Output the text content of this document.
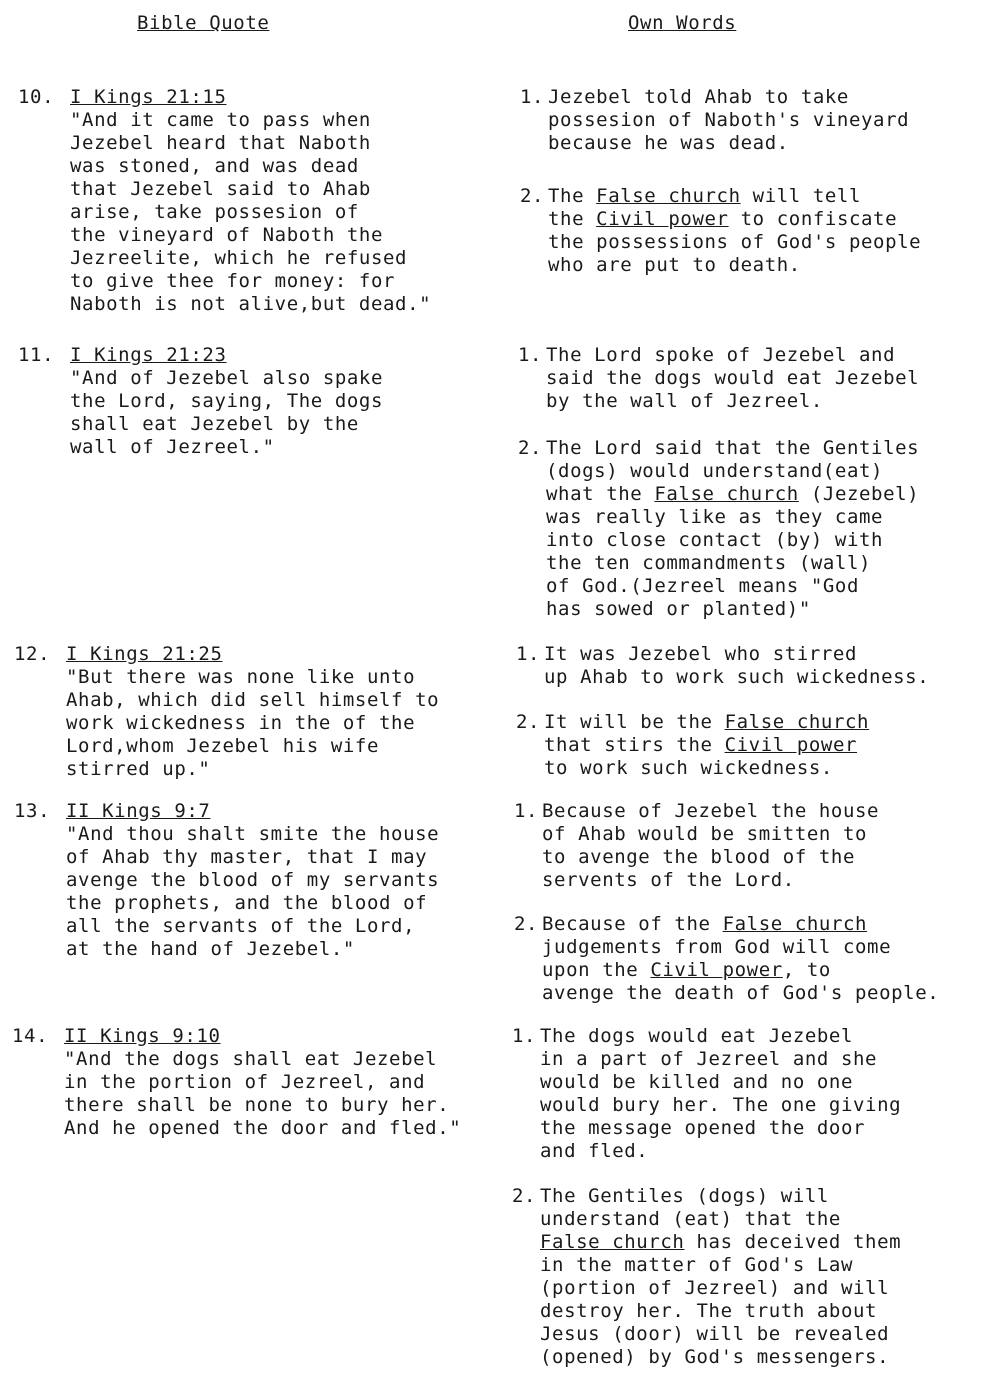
Bible Quote	Own Words
10. I Kings 21:15
"And it came to pass when
Jezebel heard that Naboth
was stoned, and was dead
that Jezebel said to Ahab
arise, take possesion of
the vineyard of Naboth the
Jezreelite, which he refused
to give thee for money: for
Naboth is not alive,but dead."
1. Jezebel told Ahab to take
possesion of Naboth's vineyard
because he was dead.
2. The False church will tell
the Civil power to confiscate
the possessions of God's people
who are put to death.
11. I Kings 21:23
"And of Jezebel also spake
the Lord, saying, The dogs
shall eat Jezebel by the
wall of Jezreel."
1. The Lord spoke of Jezebel and
said the dogs would eat Jezebel
by the wall of Jezreel.
2. The Lord said that the Gentiles
(dogs) would understand(eat)
what the False church (Jezebel)
was really like as they came
into close contact (by) with
the ten commandments (wall)
of God.(Jezreel means "God
has sowed or planted)"
12. I Kings 21:25
"But there was none like unto
Ahab, which did sell himself to
work wickedness in the of the
Lord,whom Jezebel his wife
stirred up."
1. It was Jezebel who stirred
up Ahab to work such wickedness.
2. It will be the False church
that stirs the Civil power
to work such wickedness.
13. II Kings 9:7
"And thou shalt smite the house
of Ahab thy master, that I may
avenge the blood of my servants
the prophets, and the blood of
all the servants of the Lord,
at the hand of Jezebel."
1. Because of Jezebel the house
of Ahab would be smitten to
to avenge the blood of the
servents of the Lord.
2. Because of the False church
judgements from God will come
upon the Civil power, to
avenge the death of God's people.
14. II Kings 9:10
"And the dogs shall eat Jezebel
in the portion of Jezreel, and
there shall be none to bury her.
And he opened the door and fled."
1. The dogs would eat Jezebel
in a part of Jezreel and she
would be killed and no one
would bury her. The one giving
the message opened the door
and fled.
2. The Gentiles (dogs) will
understand (eat) that the
False church has deceived them
in the matter of God's Law
(portion of Jezreel) and will
destroy her. The truth about
Jesus (door) will be revealed
(opened) by God's messengers.
